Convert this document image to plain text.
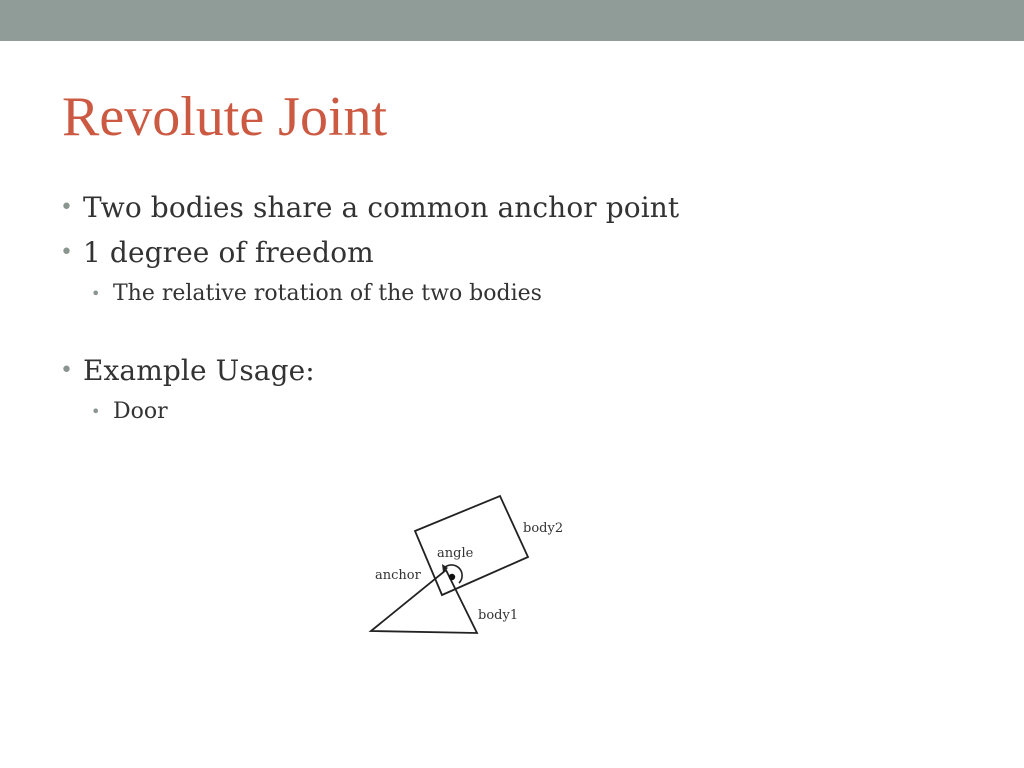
Revolute Joint
• Two bodies share a common anchor point
• 1 degree of freedom
• The relative rotation of the two bodies
• Example Usage:
• Door
anchor
angle
body2
body1
